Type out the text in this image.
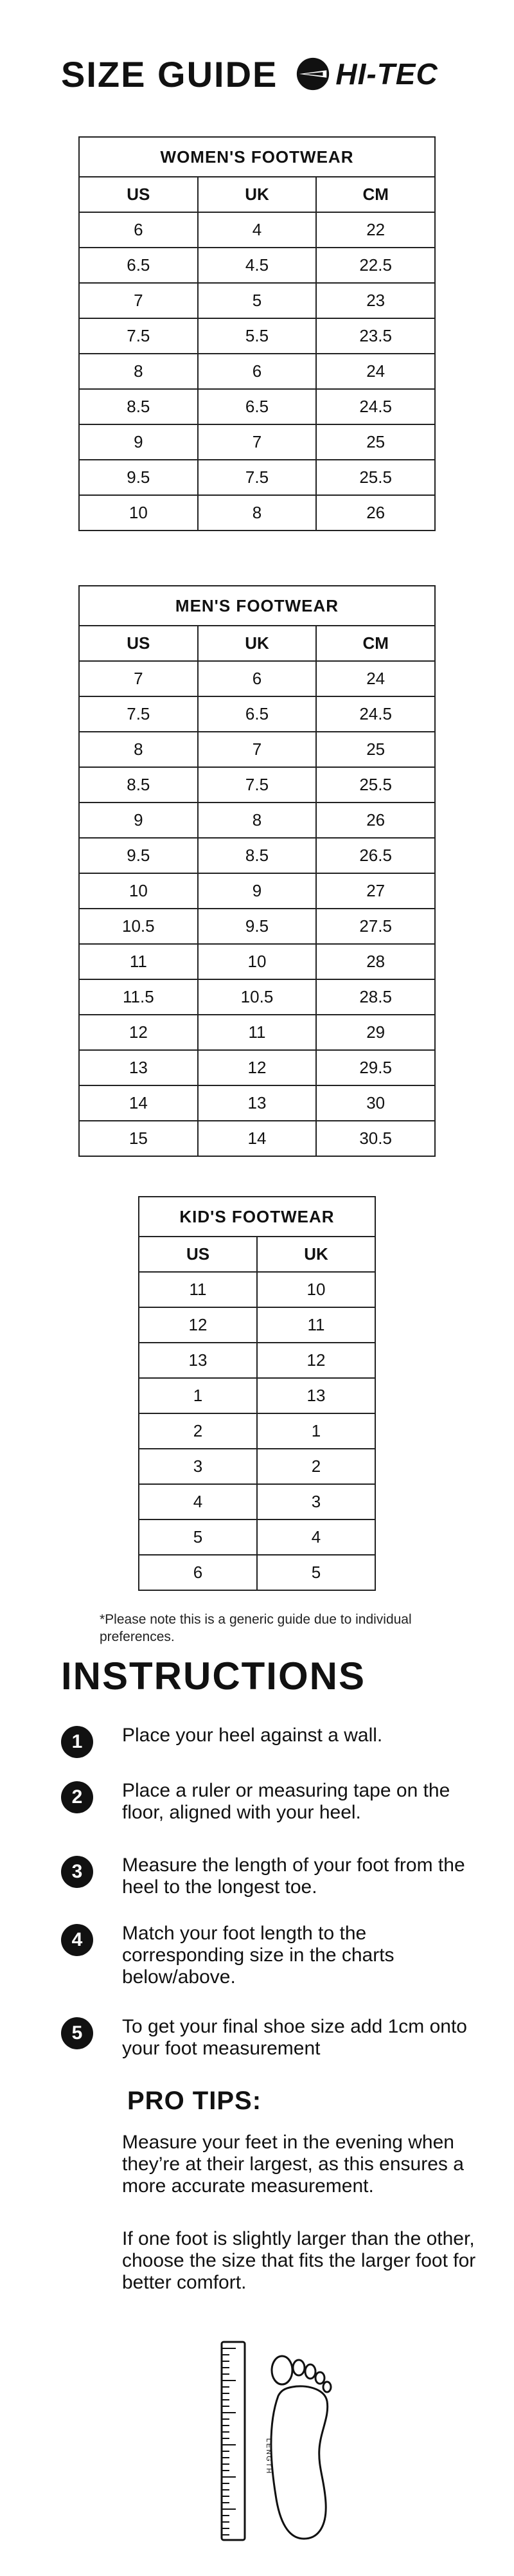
SIZE GUIDE HI-TEC
WOMEN'S FOOTWEAR		
US	UK	CM
6	4	22
6.5	4.5	22.5
7	5	23
7.5	5.5	23.5
8	6	24
8.5	6.5	24.5
9	7	25
9.5	7.5	25.5
10	8	26
MEN'S FOOTWEAR		
US	UK	CM
7	6	24
7.5	6.5	24.5
8	7	25
8.5	7.5	25.5
9	8	26
9.5	8.5	26.5
10	9	27
10.5	9.5	27.5
11	10	28
11.5	10.5	28.5
12	11	29
13	12	29.5
14	13	30
15	14	30.5
KID'S FOOTWEAR	
US	UK
11	10
12	11
13	12
1	13
2	1
3	2
4	3
5	4
6	5
*Please note this is a generic guide due to individual preferences.
INSTRUCTIONS
1	Place your heel against a wall.
2	Place a ruler or measuring tape on the floor, aligned with your heel.
3	Measure the length of your foot from the heel to the longest toe.
4	Match your foot length to the corresponding size in the charts below/above.
5	To get your final shoe size add 1cm onto your foot measurement
PRO TIPS:
Measure your feet in the evening when they’re at their largest, as this ensures a more accurate measurement.
If one foot is slightly larger than the other, choose the size that fits the larger foot for better comfort.
LENGTH
